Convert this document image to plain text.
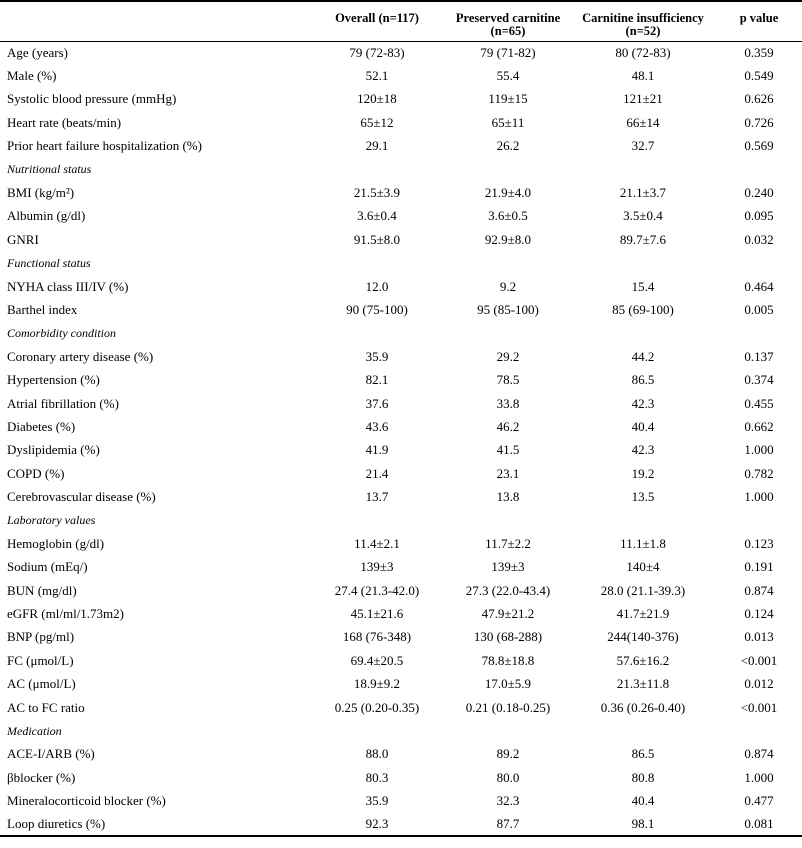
	Overall (n=117)	Preserved carnitine (n=65)	Carnitine insufficiency (n=52)	p value
Age (years)	79 (72-83)	79 (71-82)	80 (72-83)	0.359
Male (%)	52.1	55.4	48.1	0.549
Systolic blood pressure (mmHg)	120±18	119±15	121±21	0.626
Heart rate (beats/min)	65±12	65±11	66±14	0.726
Prior heart failure hospitalization (%)	29.1	26.2	32.7	0.569
Nutritional status				
BMI (kg/m²)	21.5±3.9	21.9±4.0	21.1±3.7	0.240
Albumin (g/dl)	3.6±0.4	3.6±0.5	3.5±0.4	0.095
GNRI	91.5±8.0	92.9±8.0	89.7±7.6	0.032
Functional status				
NYHA class III/IV (%)	12.0	9.2	15.4	0.464
Barthel index	90 (75-100)	95 (85-100)	85 (69-100)	0.005
Comorbidity condition				
Coronary artery disease (%)	35.9	29.2	44.2	0.137
Hypertension (%)	82.1	78.5	86.5	0.374
Atrial fibrillation (%)	37.6	33.8	42.3	0.455
Diabetes (%)	43.6	46.2	40.4	0.662
Dyslipidemia (%)	41.9	41.5	42.3	1.000
COPD (%)	21.4	23.1	19.2	0.782
Cerebrovascular disease (%)	13.7	13.8	13.5	1.000
Laboratory values				
Hemoglobin (g/dl)	11.4±2.1	11.7±2.2	11.1±1.8	0.123
Sodium (mEq/)	139±3	139±3	140±4	0.191
BUN (mg/dl)	27.4 (21.3-42.0)	27.3 (22.0-43.4)	28.0 (21.1-39.3)	0.874
eGFR (ml/ml/1.73m2)	45.1±21.6	47.9±21.2	41.7±21.9	0.124
BNP (pg/ml)	168 (76-348)	130 (68-288)	244(140-376)	0.013
FC (μmol/L)	69.4±20.5	78.8±18.8	57.6±16.2	<0.001
AC (μmol/L)	18.9±9.2	17.0±5.9	21.3±11.8	0.012
AC to FC ratio	0.25 (0.20-0.35)	0.21 (0.18-0.25)	0.36 (0.26-0.40)	<0.001
Medication				
ACE-I/ARB (%)	88.0	89.2	86.5	0.874
βblocker (%)	80.3	80.0	80.8	1.000
Mineralocorticoid blocker (%)	35.9	32.3	40.4	0.477
Loop diuretics (%)	92.3	87.7	98.1	0.081
